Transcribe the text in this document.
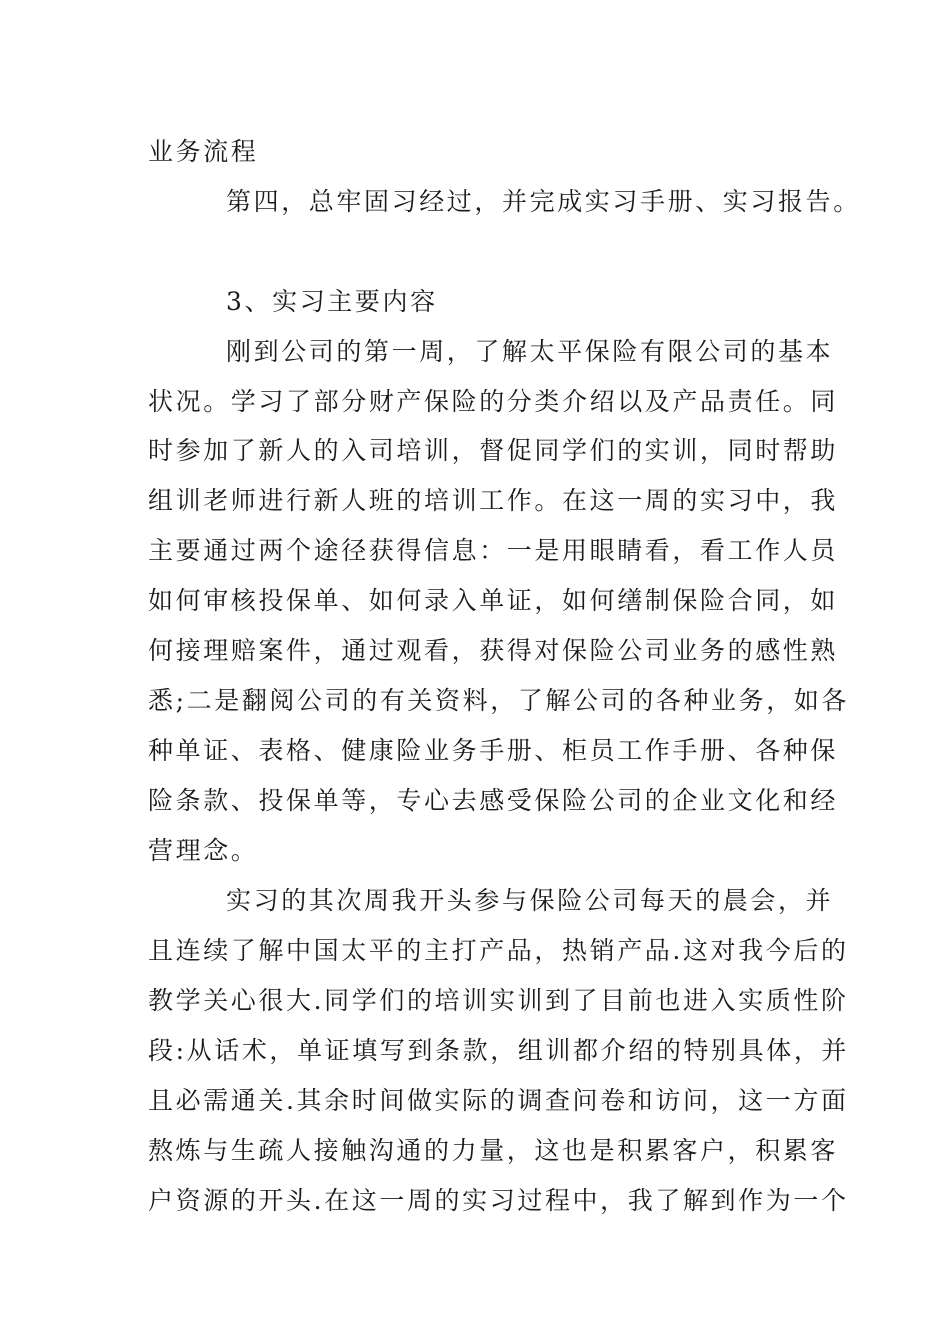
业务流程
第四，总牢固习经过，并完成实习手册、实习报告。
3、实习主要内容
刚到公司的第一周，了解太平保险有限公司的基本
状况。学习了部分财产保险的分类介绍以及产品责任。同
时参加了新人的入司培训，督促同学们的实训，同时帮助
组训老师进行新人班的培训工作。在这一周的实习中，我
主要通过两个途径获得信息：一是用眼睛看，看工作人员
如何审核投保单、如何录入单证，如何缮制保险合同，如
何接理赔案件，通过观看，获得对保险公司业务的感性熟
悉;二是翻阅公司的有关资料，了解公司的各种业务，如各
种单证、表格、健康险业务手册、柜员工作手册、各种保
险条款、投保单等，专心去感受保险公司的企业文化和经
营理念。
实习的其次周我开头参与保险公司每天的晨会，并
且连续了解中国太平的主打产品，热销产品.这对我今后的
教学关心很大.同学们的培训实训到了目前也进入实质性阶
段:从话术，单证填写到条款，组训都介绍的特别具体，并
且必需通关.其余时间做实际的调查问卷和访问，这一方面
熬炼与生疏人接触沟通的力量，这也是积累客户，积累客
户资源的开头.在这一周的实习过程中，我了解到作为一个
